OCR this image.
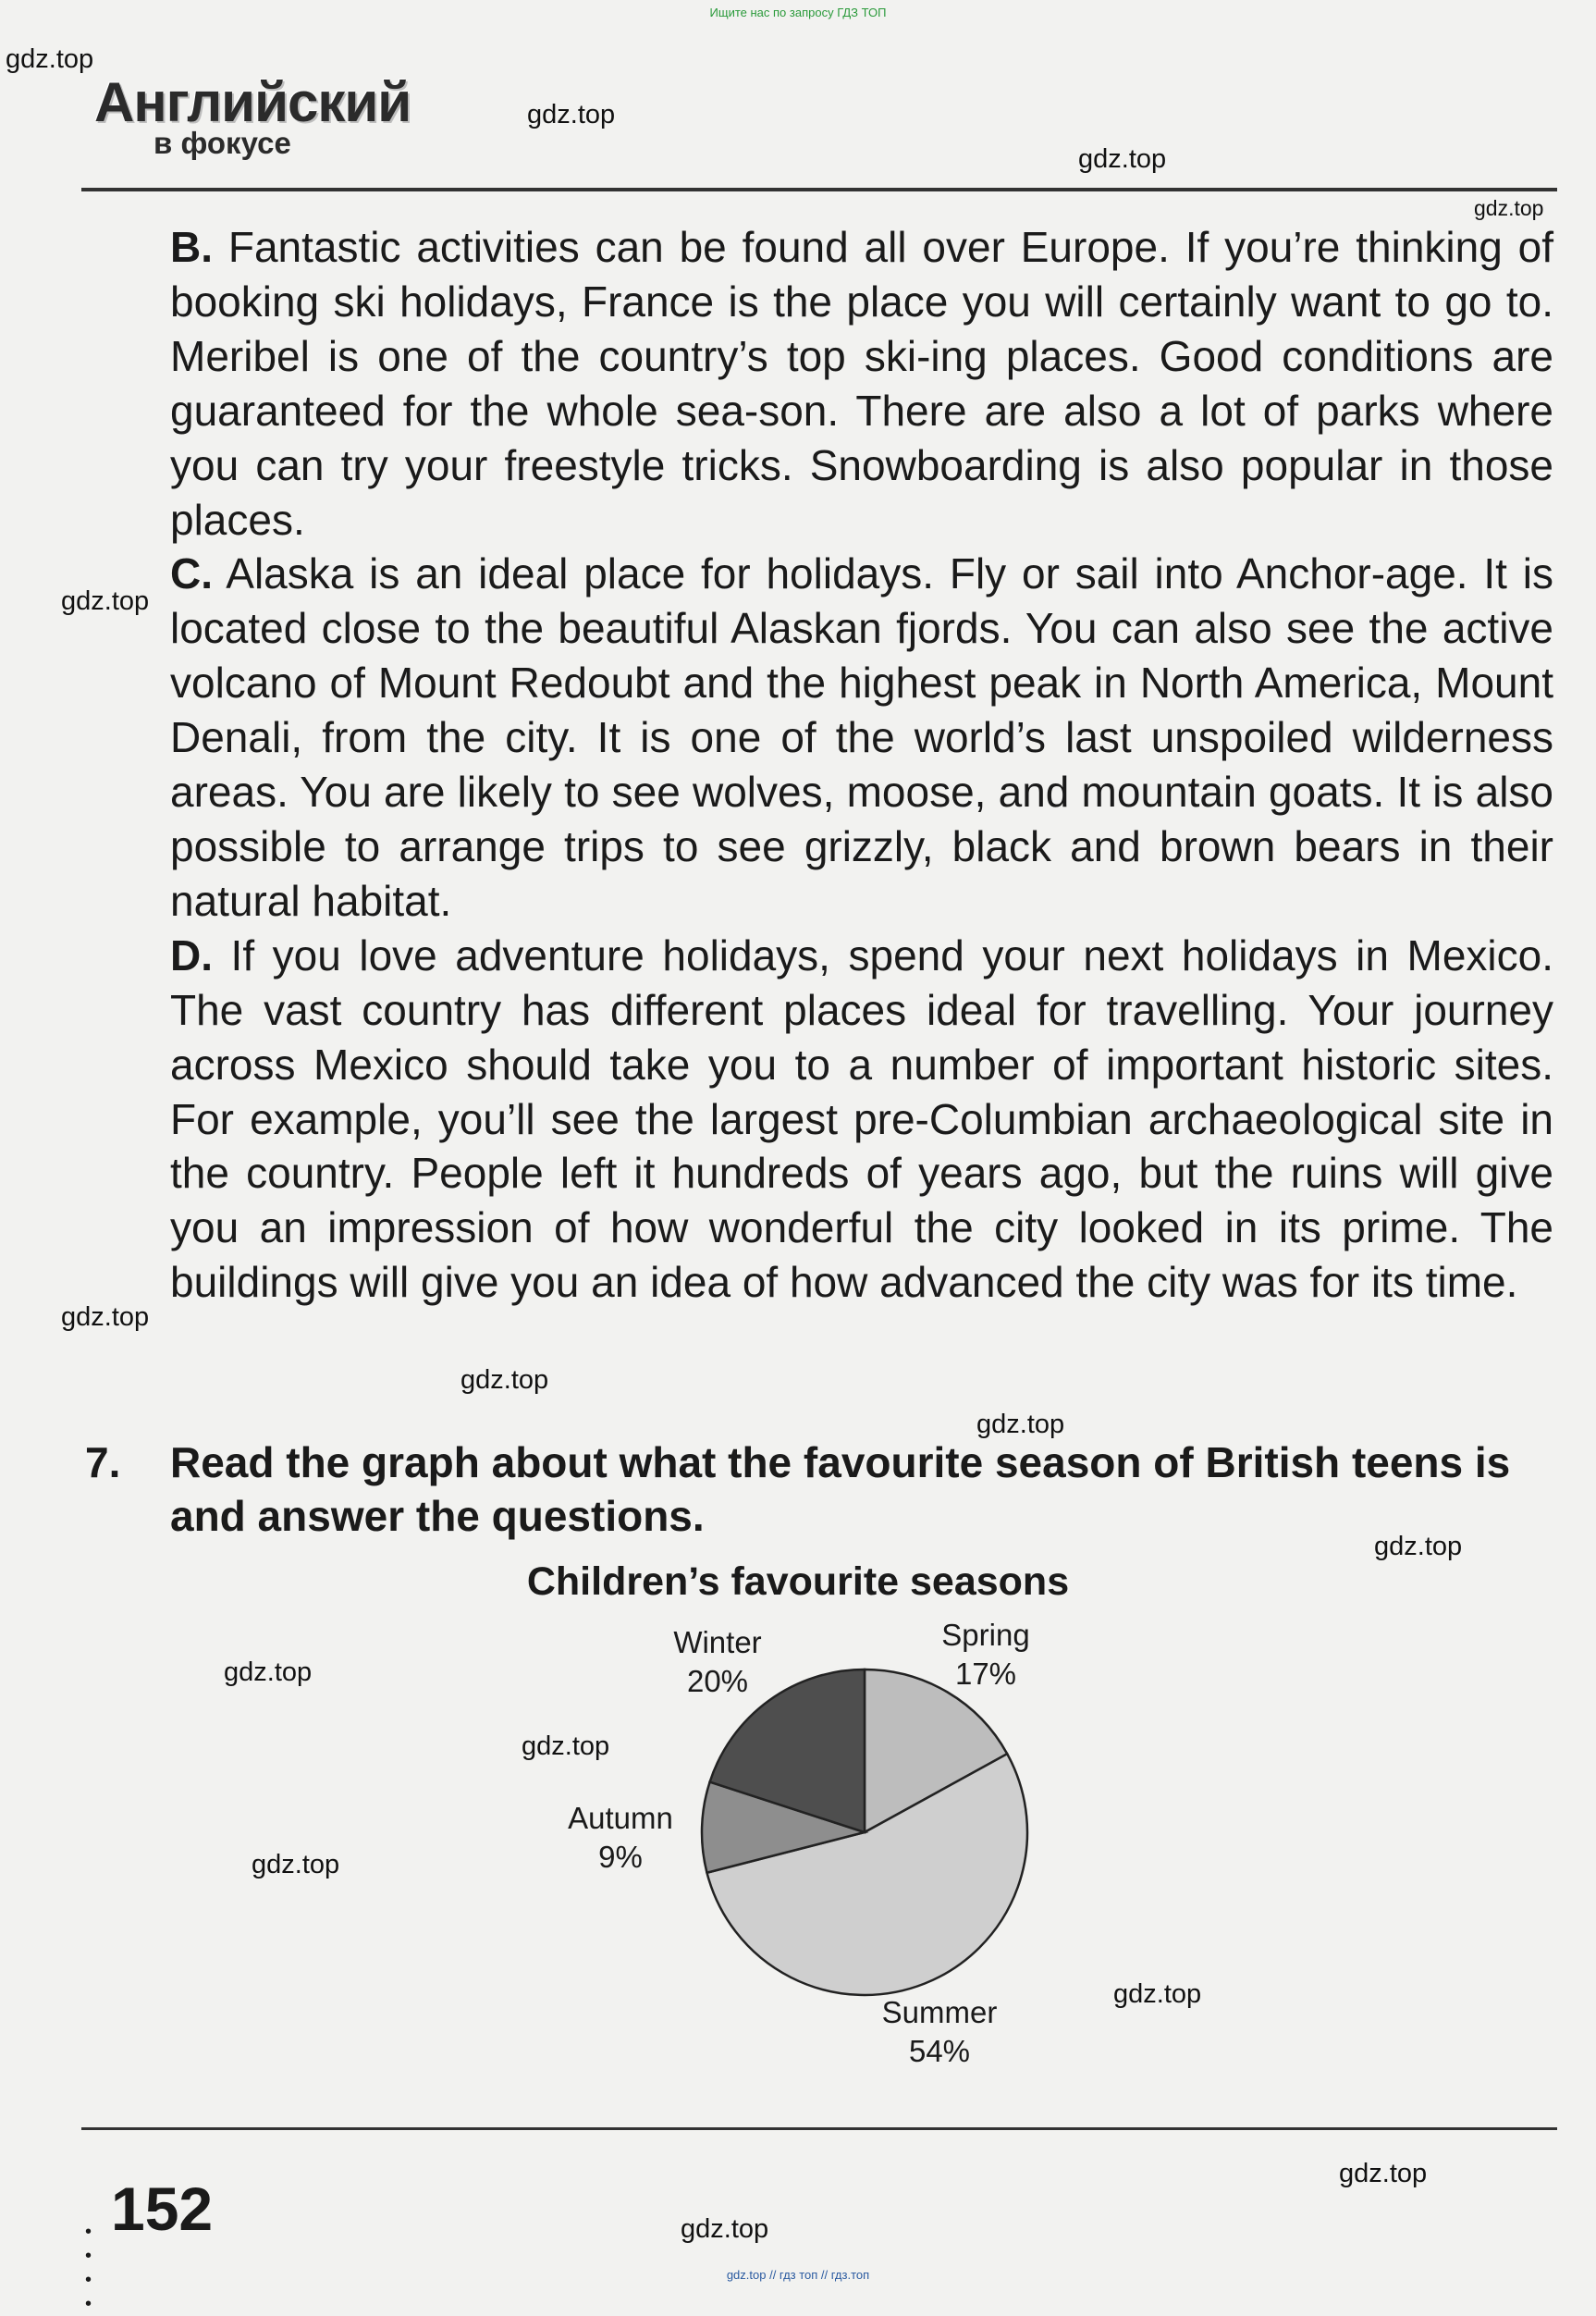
Ищите нас по запросу ГДЗ ТОП
gdz.top
gdz.top
gdz.top
gdz.top
gdz.top
gdz.top
gdz.top
gdz.top
gdz.top
gdz.top
gdz.top
gdz.top
gdz.top
gdz.top
gdz.top
Английский
в фокусе

B. Fantastic activities can be found all over Europe. If you’re thinking of booking ski holidays, France is the place you will certainly want to go to. Meribel is one of the country’s top ski-ing places. Good conditions are guaranteed for the whole sea-son. There are also a lot of parks where you can try your freestyle tricks. Snowboarding is also popular in those places.

C. Alaska is an ideal place for holidays. Fly or sail into Anchor-age. It is located close to the beautiful Alaskan fjords. You can also see the active volcano of Mount Redoubt and the highest peak in North America, Mount Denali, from the city. It is one of the world’s last unspoiled wilderness areas. You are likely to see wolves, moose, and mountain goats. It is also possible to arrange trips to see grizzly, black and brown bears in their natural habitat.

D. If you love adventure holidays, spend your next holidays in Mexico. The vast country has different places ideal for travelling. Your journey across Mexico should take you to a number of important historic sites. For example, you’ll see the largest pre-Columbian archaeological site in the country. People left it hundreds of years ago, but the ruins will give you an impression of how wonderful the city looked in its prime. The buildings will give you an idea of how advanced the city was for its time.

7. Read the graph about what the favourite season of British teens is and answer the questions.
Children’s favourite seasons
Spring
17%
Summer
54%
Autumn
9%
Winter
20%
•
•
•
•
152
gdz.top // гдз топ // гдз.топ
